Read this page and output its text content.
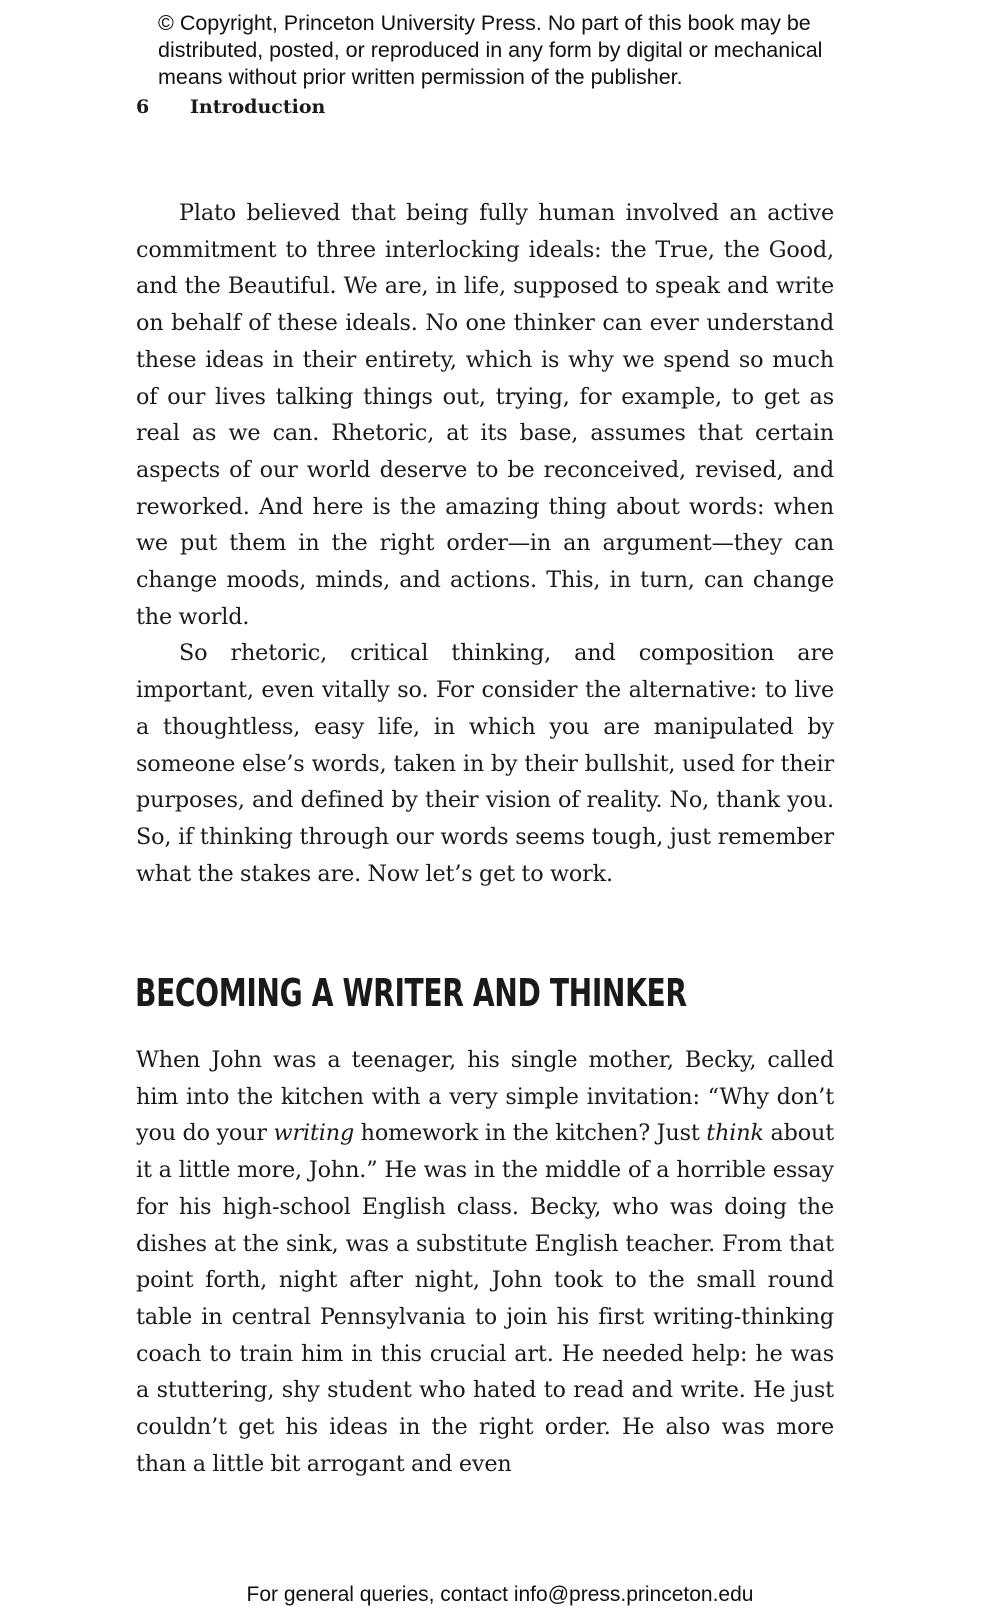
© Copyright, Princeton University Press. No part of this book may be distributed, posted, or reproduced in any form by digital or mechanical means without prior written permission of the publisher.
6 Introduction

Plato believed that being fully human involved an active commitment to three interlocking ideals: the True, the Good, and the Beautiful. We are, in life, supposed to speak and write on behalf of these ideals. No one thinker can ever understand these ideas in their entirety, which is why we spend so much of our lives talking things out, trying, for example, to get as real as we can. Rhetoric, at its base, assumes that certain aspects of our world deserve to be reconceived, revised, and reworked. And here is the amazing thing about words: when we put them in the right order—in an argument—they can change moods, minds, and actions. This, in turn, can change the world.

So rhetoric, critical thinking, and composition are important, even vitally so. For consider the alternative: to live a thoughtless, easy life, in which you are manipulated by someone else’s words, taken in by their bullshit, used for their purposes, and defined by their vision of reality. No, thank you. So, if thinking through our words seems tough, just remember what the stakes are. Now let’s get to work.

BECOMING A WRITER AND THINKER

When John was a teenager, his single mother, Becky, called him into the kitchen with a very simple invitation: “Why don’t you do your writing homework in the kitchen? Just think about it a little more, John.” He was in the middle of a horrible essay for his high-school English class. Becky, who was doing the dishes at the sink, was a substitute English teacher. From that point forth, night after night, John took to the small round table in central Pennsylvania to join his first writing-thinking coach to train him in this crucial art. He needed help: he was a stuttering, shy student who hated to read and write. He just couldn’t get his ideas in the right order. He also was more than a little bit arrogant and even

For general queries, contact info@press.princeton.edu
